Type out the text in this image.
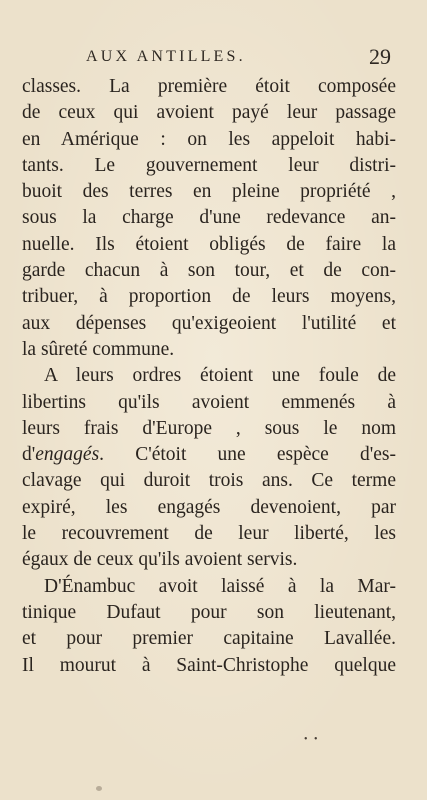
AUX ANTILLES.	29
classes. La première étoit composée
de ceux qui avoient payé leur passage
en Amérique : on les appeloit habi-
tants. Le gouvernement leur distri-
buoit des terres en pleine propriété ,
sous la charge d'une redevance an-
nuelle. Ils étoient obligés de faire la
garde chacun à son tour, et de con-
tribuer, à proportion de leurs moyens,
aux dépenses qu'exigeoient l'utilité et
la sûreté commune.
A leurs ordres étoient une foule de
libertins qu'ils avoient emmenés à
leurs frais d'Europe , sous le nom
d'engagés. C'étoit une espèce d'es-
clavage qui duroit trois ans. Ce terme
expiré, les engagés devenoient, par
le recouvrement de leur liberté, les
égaux de ceux qu'ils avoient servis.
D'Énambuc avoit laissé à la Mar-
tinique Dufaut pour son lieutenant,
et pour premier capitaine Lavallée.
Il mourut à Saint-Christophe quelque
• •
